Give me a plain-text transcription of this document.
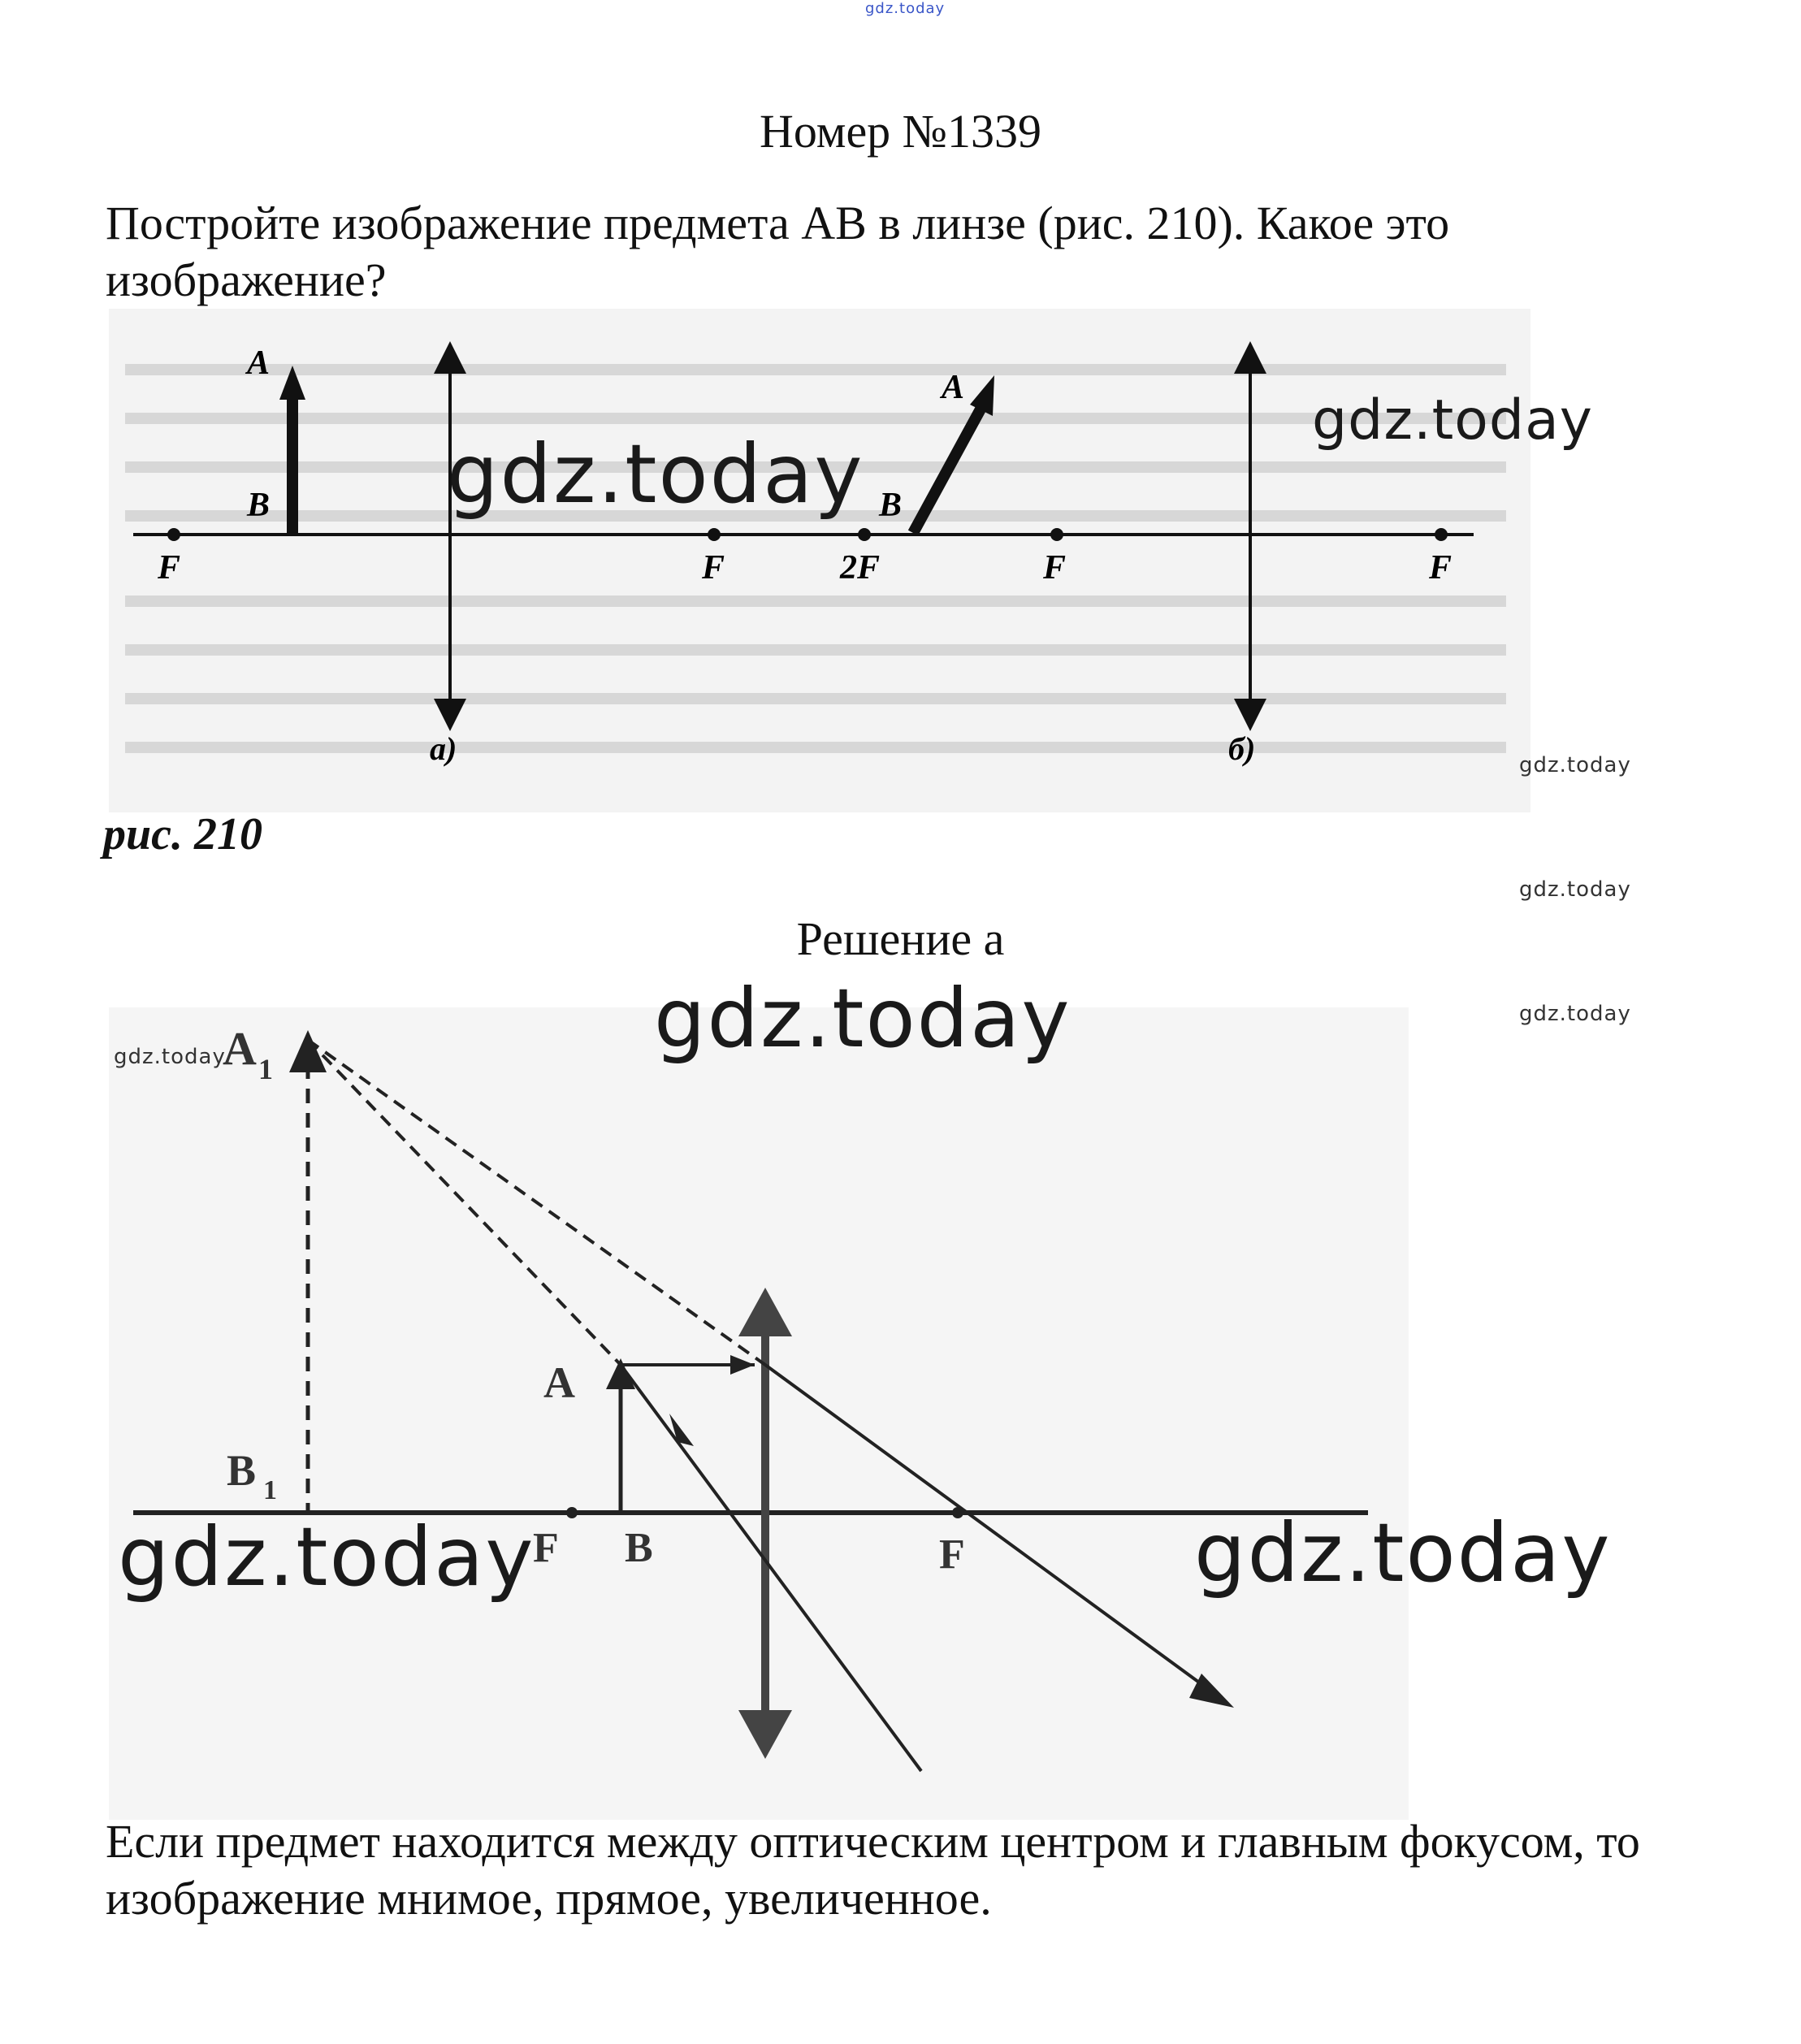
gdz.today
Номер №1339
Постройте изображение предмета AB в линзе (рис. 210). Какое это изображение?
A
B
F	F
а)
A
B
2F	F	F
б)
рис. 210
Решение а
A 1
B 1
A
B
F	F
Если предмет находится между оптическим центром и главным фокусом, то изображение мнимое, прямое, увеличенное.
gdz.today
gdz.today
gdz.today
gdz.today
gdz.today	gdz.today
gdz.today
gdz.today	gdz.today
